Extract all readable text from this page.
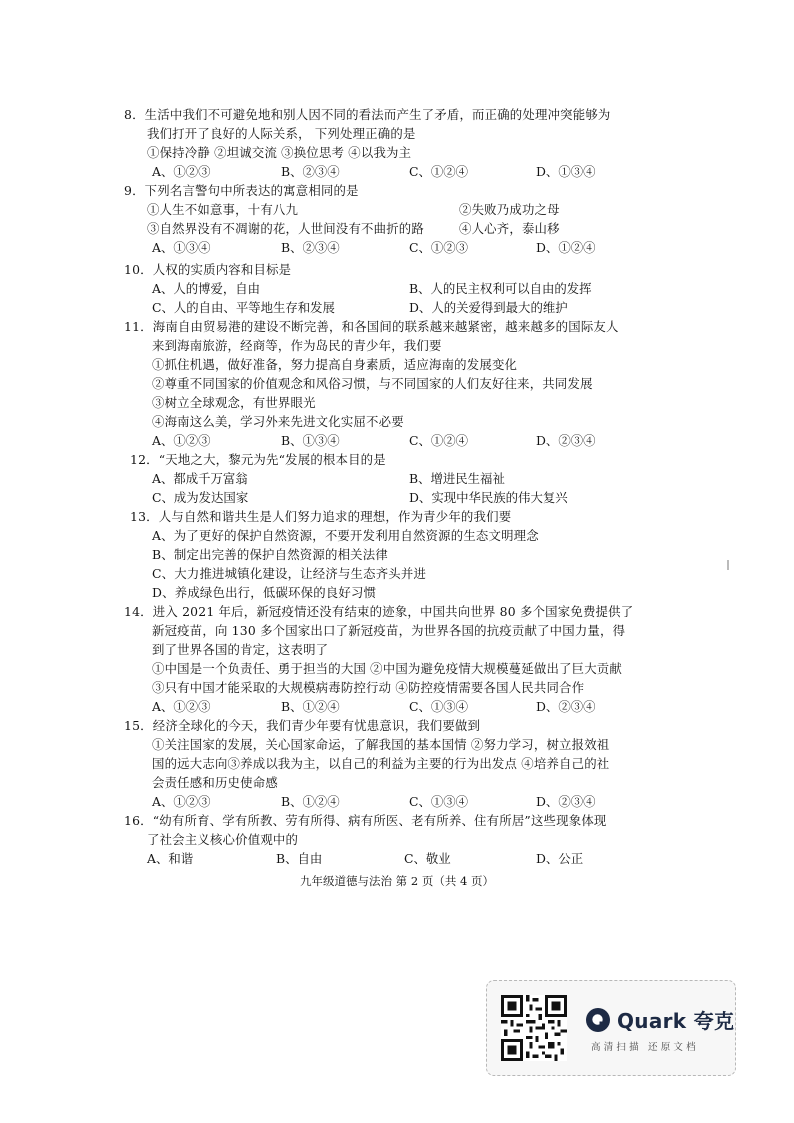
8．生活中我们不可避免地和别人因不同的看法而产生了矛盾，而正确的处理冲突能够为

我们打开了良好的人际关系， 下列处理正确的是

①保持冷静 ②坦诚交流 ③换位思考 ④以我为主

A、①②③	B、②③④	C、①②④	D、①③④

9．下列名言警句中所表达的寓意相同的是

①人生不如意事，十有八九	②失败乃成功之母

③自然界没有不凋谢的花，人世间没有不曲折的路	④人心齐，泰山移

A、①③④	B、②③④	C、①②③	D、①②④

10．人权的实质内容和目标是

A、人的博爱，自由	B、人的民主权利可以自由的发挥
C、人的自由、平等地生存和发展	D、人的关爱得到最大的维护

11．海南自由贸易港的建设不断完善，和各国间的联系越来越紧密，越来越多的国际友人

来到海南旅游，经商等，作为岛民的青少年，我们要

①抓住机遇，做好准备，努力提高自身素质，适应海南的发展变化

②尊重不同国家的价值观念和风俗习惯，与不同国家的人们友好往来，共同发展

③树立全球观念，有世界眼光

④海南这么美，学习外来先进文化实屈不必要

A、①②③	B、①③④	C、①②④	D、②③④

12．“天地之大，黎元为先“发展的根本目的是

A、都成千万富翁	B、增进民生福祉
C、成为发达国家	D、实现中华民族的伟大复兴

13．人与自然和谐共生是人们努力追求的理想，作为青少年的我们要

A、为了更好的保护自然资源，不要开发利用自然资源的生态文明理念

B、制定出完善的保护自然资源的相关法律

C、大力推进城镇化建设，让经济与生态齐头并进

D、养成绿色出行，低碳环保的良好习惯

14．进入 2021 年后，新冠疫情还没有结束的迹象，中国共向世界 80 多个国家免费提供了

新冠疫苗，向 130 多个国家出口了新冠疫苗，为世界各国的抗疫贡献了中国力量，得

到了世界各国的肯定，这表明了

①中国是一个负责任、勇于担当的大国 ②中国为避免疫情大规模蔓延做出了巨大贡献

③只有中国才能采取的大规模病毒防控行动 ④防控疫情需要各国人民共同合作

A、①②③	B、①②④	C、①③④	D、②③④

15．经济全球化的今天，我们青少年要有忧患意识，我们要做到

①关注国家的发展，关心国家命运，了解我国的基本国情 ②努力学习，树立报效祖

国的远大志向③养成以我为主，以自己的利益为主要的行为出发点 ④培养自己的社

会责任感和历史使命感

A、①②③	B、①②④	C、①③④	D、②③④

16．“幼有所育、学有所教、劳有所得、病有所医、老有所养、住有所居”这些现象体现

了社会主义核心价值观中的

A、和谐	B、自由	C、敬业	D、公正
九年级道德与法治 第 2 页（共 4 页）
Quark 夸克
高清扫描 还原文档
